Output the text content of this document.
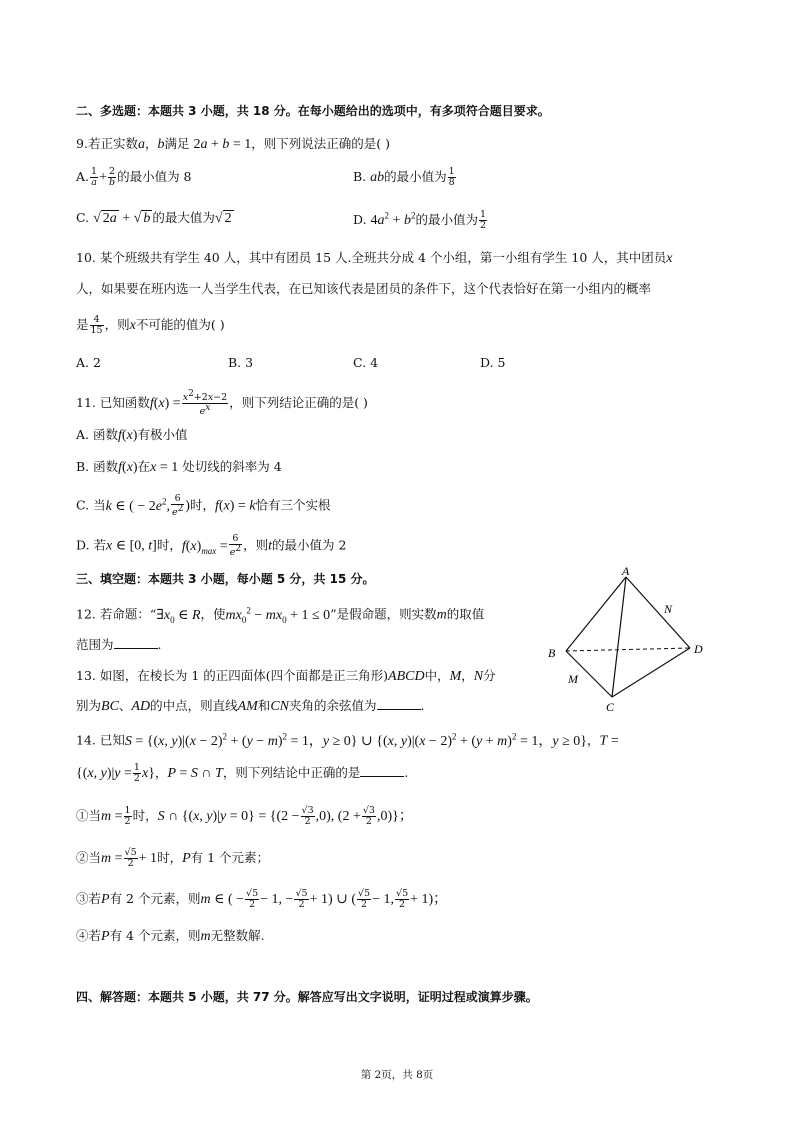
二、多选题：本题共 3 小题，共 18 分。在每小题给出的选项中，有多项符合题目要求。
9.若正实数a，b满足 2a + b = 1，则下列说法正确的是( )
A. $\frac{1}{a} + \frac{2}{b}$ 的最小值为 8	B. ab的最小值为 $\frac{1}{8}$
C. √ 2a + √ b 的最大值为√ 2	D. $4a^2 + b^2$的最小值为 $\frac{1}{2}$
10. 某个班级共有学生 40 人，其中有团员 15 人.全班共分成 4 个小组，第一小组有学生 10 人，其中团员x
人，如果要在班内选一人当学生代表，在已知该代表是团员的条件下，这个代表恰好在第一小组内的概率
是 $\frac{4}{15}$ ，则x不可能的值为( )
A. 2	B. 3	C. 4	D. 5
11. 已知函数$f(x) = \frac{x^2+2x-2}{e^x}$ ，则下列结论正确的是( )
A. 函数f(x)有极小值
B. 函数f(x)在x = 1 处切线的斜率为 4
C. 当k ∈ ( − $2e^2$, $\frac{6}{e^2}$ )时，f(x) = k恰有三个实根
D. 若x ∈ [0, t]时，$f(x)_{max} = \frac{6}{e^2}$ ，则t的最小值为 2
三、填空题：本题共 3 小题，每小题 5 分，共 15 分。
12. 若命题：“$\exists x_0$ ∈ R，使$mx_0^2 - mx_0 + 1 \le 0$”是假命题，则实数m的取值
范围为	.
13. 如图，在棱长为 1 的正四面体(四个面都是正三角形)ABCD中，M，N分
别为BC、AD的中点，则直线AM和CN夹角的余弦值为	.
A
B
C
D
M
N
14. 已知S = {(x, $y)|(x - 2)^2 + (y - m)^2 = 1$，y ≥ 0} ∪ {(x, $y)|(x - 2)^2 + (y + m)^2 = 1$，y ≥ 0}，T =
{(x, $y)|y = \frac{1}{2} x$}，P = S ∩ T，则下列结论中正确的是	.
①当$m = \frac{1}{2}$ 时，S ∩ {(x, $y)|y = 0\} = \{(2 - \frac{√3}{2} ,0)$, $(2 + \frac{√3}{2} ,0)$}；
②当$m = \frac{√5}{2} + 1$时，P有 1 个元素；
③若P有 2 个元素，则m ∈ ( − $\frac{√5}{2} - 1$, − $\frac{√5}{2} + 1$) ∪ ( $\frac{√5}{2} - 1$, $\frac{√5}{2} + 1$)；
④若P有 4 个元素，则m无整数解.
四、解答题：本题共 5 小题，共 77 分。解答应写出文字说明，证明过程或演算步骤。
第 2页，共 8页
